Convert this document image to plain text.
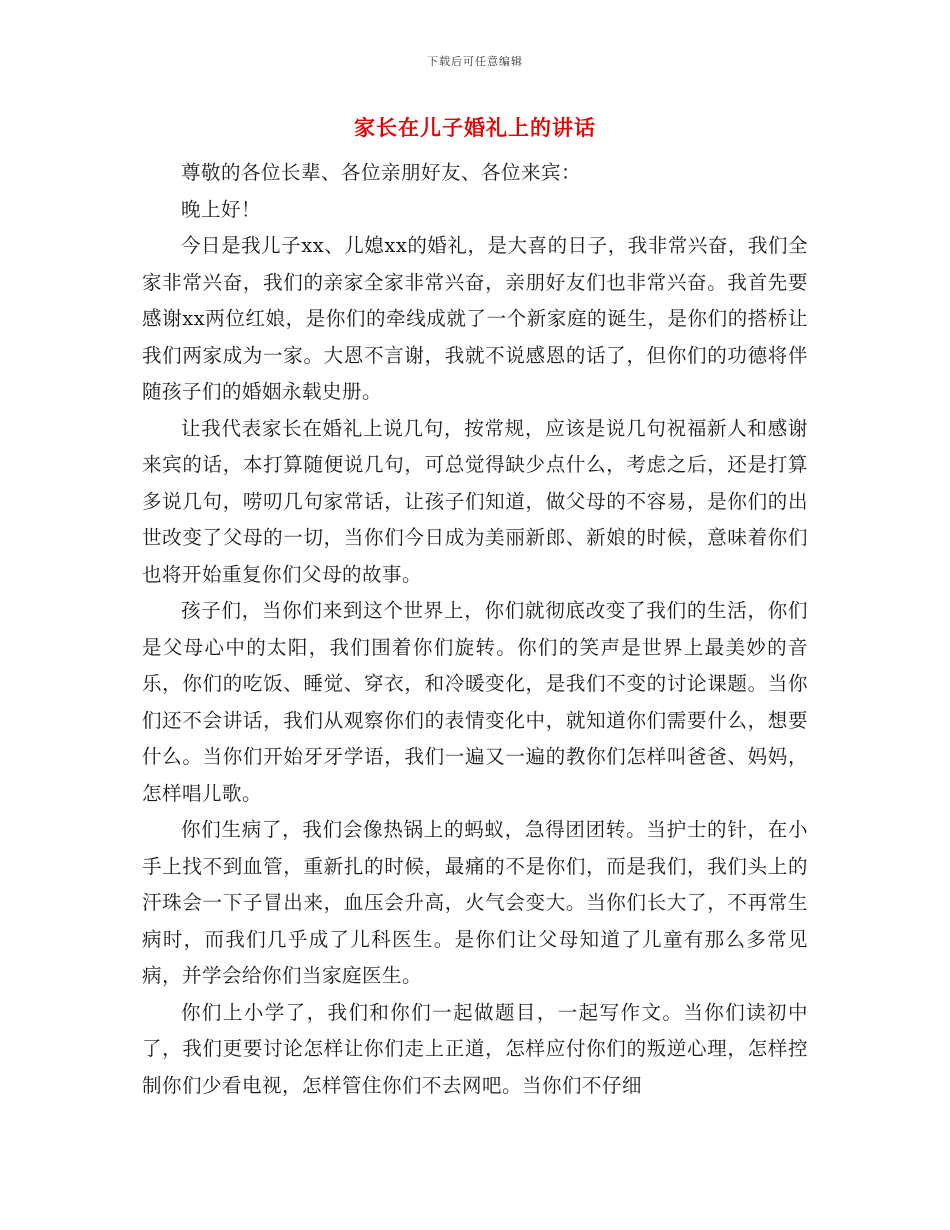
下载后可任意编辑
家长在儿子婚礼上的讲话

尊敬的各位长辈、各位亲朋好友、各位来宾：

晚上好！

今日是我儿子xx、儿媳xx的婚礼，是大喜的日子，我非常兴奋，我们全家非常兴奋，我们的亲家全家非常兴奋，亲朋好友们也非常兴奋。我首先要感谢xx两位红娘，是你们的牵线成就了一个新家庭的诞生，是你们的搭桥让我们两家成为一家。大恩不言谢，我就不说感恩的话了，但你们的功德将伴随孩子们的婚姻永载史册。

让我代表家长在婚礼上说几句，按常规，应该是说几句祝福新人和感谢来宾的话，本打算随便说几句，可总觉得缺少点什么，考虑之后，还是打算多说几句，唠叨几句家常话，让孩子们知道，做父母的不容易，是你们的出世改变了父母的一切，当你们今日成为美丽新郎、新娘的时候，意味着你们也将开始重复你们父母的故事。

孩子们，当你们来到这个世界上，你们就彻底改变了我们的生活，你们是父母心中的太阳，我们围着你们旋转。你们的笑声是世界上最美妙的音乐，你们的吃饭、睡觉、穿衣，和冷暖变化，是我们不变的讨论课题。当你们还不会讲话，我们从观察你们的表情变化中，就知道你们需要什么，想要什么。当你们开始牙牙学语，我们一遍又一遍的教你们怎样叫爸爸、妈妈，怎样唱儿歌。

你们生病了，我们会像热锅上的蚂蚁，急得团团转。当护士的针，在小手上找不到血管，重新扎的时候，最痛的不是你们，而是我们，我们头上的汗珠会一下子冒出来，血压会升高，火气会变大。当你们长大了，不再常生病时，而我们几乎成了儿科医生。是你们让父母知道了儿童有那么多常见病，并学会给你们当家庭医生。

你们上小学了，我们和你们一起做题目，一起写作文。当你们读初中了，我们更要讨论怎样让你们走上正道，怎样应付你们的叛逆心理，怎样控制你们少看电视，怎样管住你们不去网吧。当你们不仔细
